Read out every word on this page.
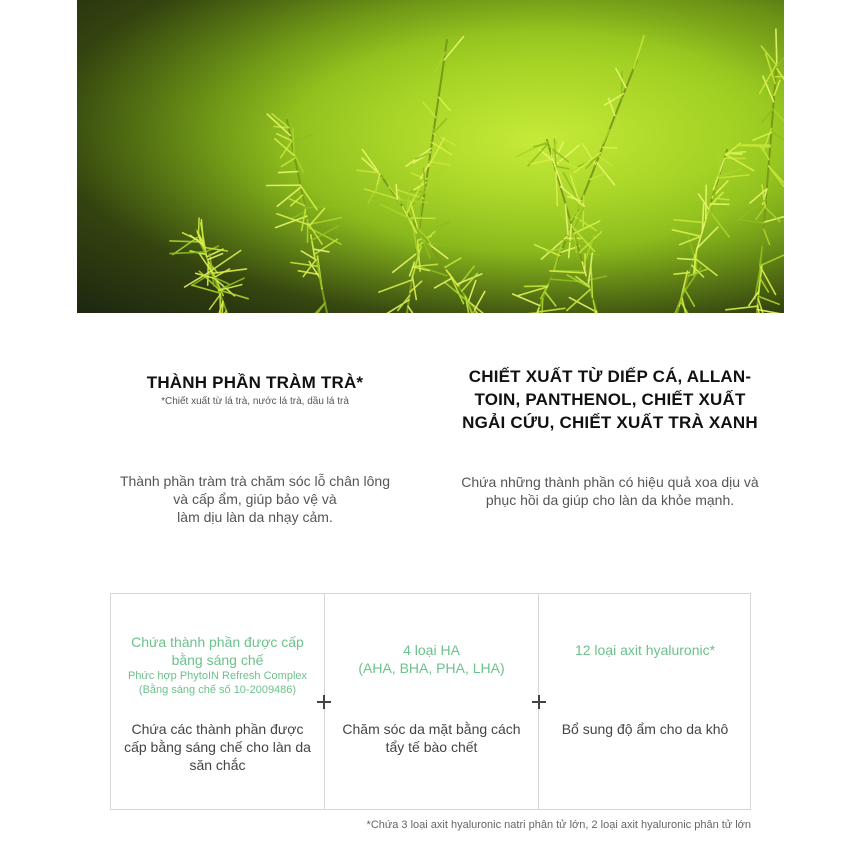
THÀNH PHẦN TRÀM TRÀ*
*Chiết xuất từ lá trà, nước lá trà, dầu lá trà
Thành phần tràm trà chăm sóc lỗ chân lông
và cấp ẩm, giúp bảo vệ và
làm dịu làn da nhạy cảm.
CHIẾT XUẤT TỪ DIẾP CÁ, ALLAN-
TOIN, PANTHENOL, CHIẾT XUẤT
NGẢI CỨU, CHIẾT XUẤT TRÀ XANH
Chứa những thành phần có hiệu quả xoa dịu và
phục hồi da giúp cho làn da khỏe mạnh.
Chứa thành phần được cấp
bằng sáng chế
Phức hợp PhytoIN Refresh Complex
(Bằng sáng chế số 10-2009486)
Chứa các thành phần được
cấp bằng sáng chế cho làn da
săn chắc
4 loại HA
(AHA, BHA, PHA, LHA)
Chăm sóc da mặt bằng cách
tẩy tế bào chết
12 loại axit hyaluronic*
Bổ sung độ ẩm cho da khô
*Chứa 3 loại axit hyaluronic natri phân tử lớn, 2 loại axit hyaluronic phân tử lớn
